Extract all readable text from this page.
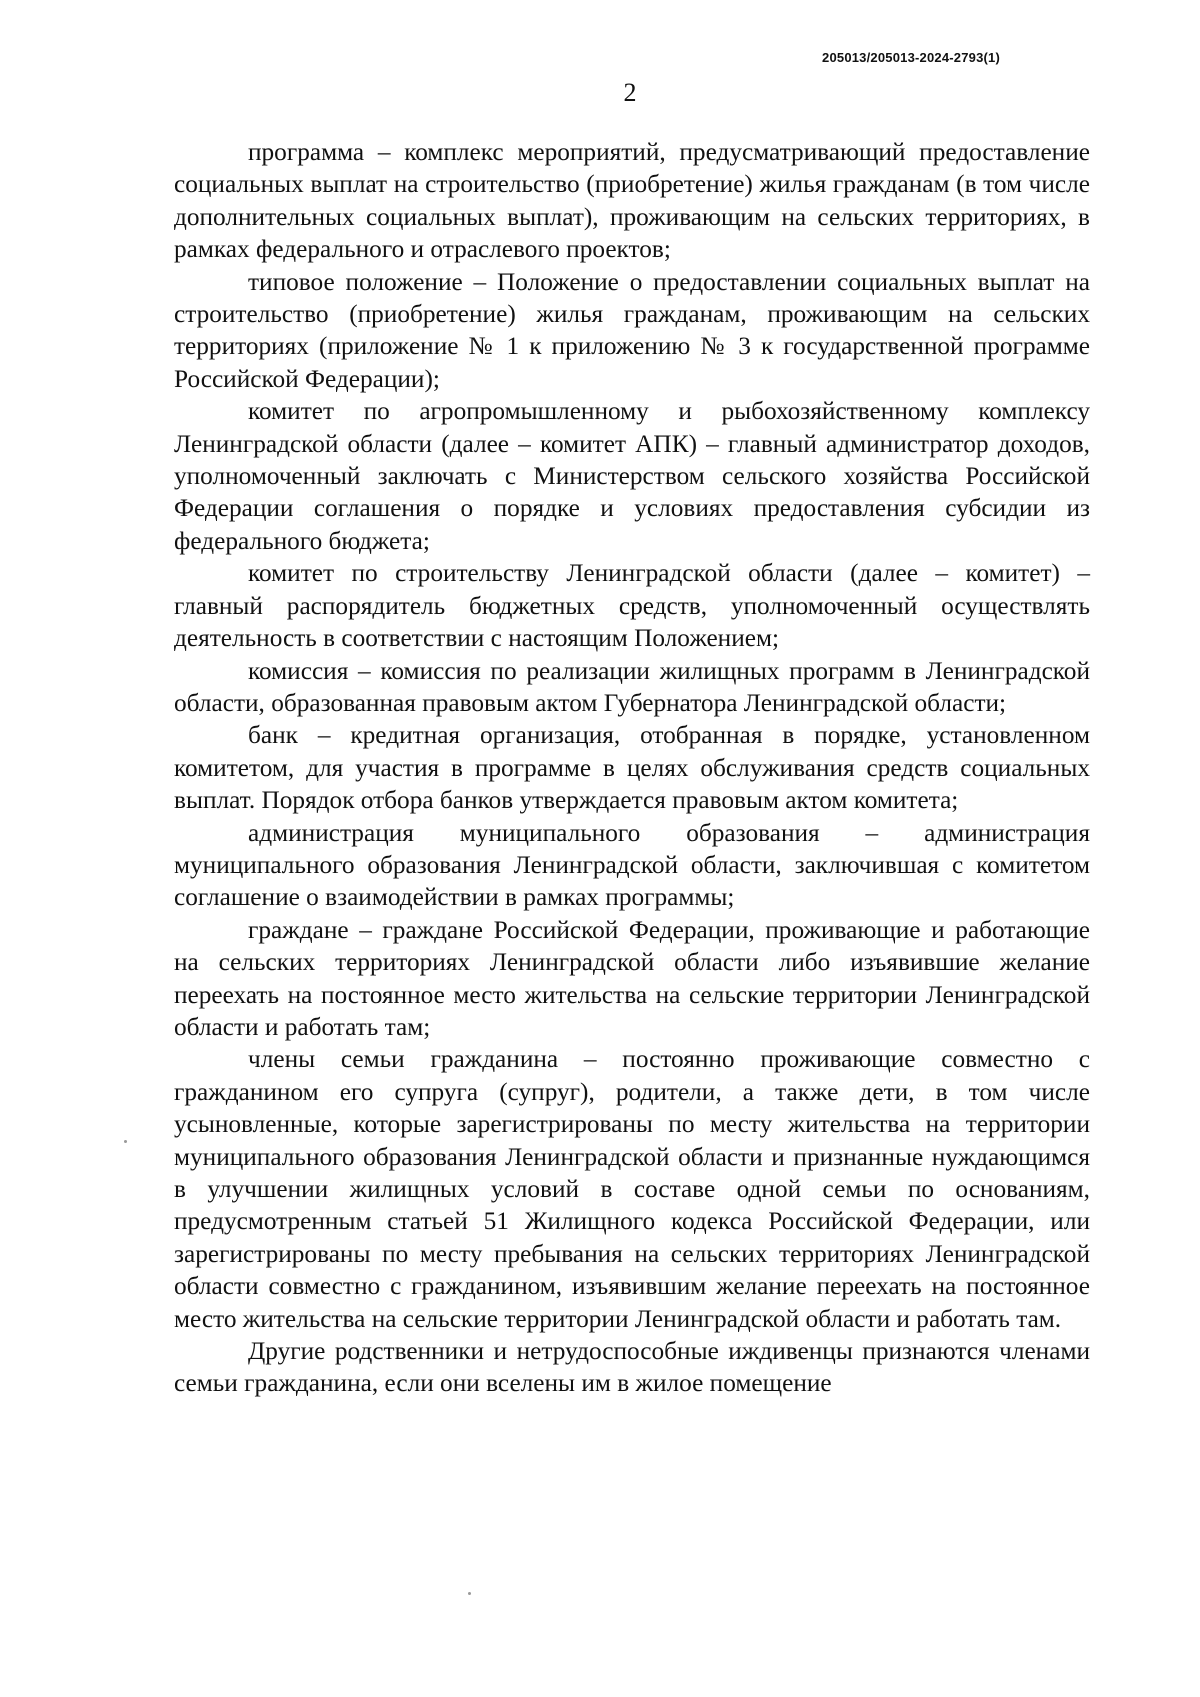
205013/205013-2024-2793(1)
2

программа – комплекс мероприятий, предусматривающий предоставление социальных выплат на строительство (приобретение) жилья гражданам (в том числе дополнительных социальных выплат), проживающим на сельских территориях, в рамках федерального и отраслевого проектов;

типовое положение – Положение о предоставлении социальных выплат на строительство (приобретение) жилья гражданам, проживающим на сельских территориях (приложение № 1 к приложению № 3 к государственной программе Российской Федерации);

комитет по агропромышленному и рыбохозяйственному комплексу Ленинградской области (далее – комитет АПК) – главный администратор доходов, уполномоченный заключать с Министерством сельского хозяйства Российской Федерации соглашения о порядке и условиях предоставления субсидии из федерального бюджета;

комитет по строительству Ленинградской области (далее – комитет) – главный распорядитель бюджетных средств, уполномоченный осуществлять деятельность в соответствии с настоящим Положением;

комиссия – комиссия по реализации жилищных программ в Ленинградской области, образованная правовым актом Губернатора Ленинградской области;

банк – кредитная организация, отобранная в порядке, установленном комитетом, для участия в программе в целях обслуживания средств социальных выплат. Порядок отбора банков утверждается правовым актом комитета;

администрация муниципального образования – администрация муниципального образования Ленинградской области, заключившая с комитетом соглашение о взаимодействии в рамках программы;

граждане – граждане Российской Федерации, проживающие и работающие на сельских территориях Ленинградской области либо изъявившие желание переехать на постоянное место жительства на сельские территории Ленинградской области и работать там;

члены семьи гражданина – постоянно проживающие совместно с гражданином его супруга (супруг), родители, а также дети, в том числе усыновленные, которые зарегистрированы по месту жительства на территории муниципального образования Ленинградской области и признанные нуждающимся в улучшении жилищных условий в составе одной семьи по основаниям, предусмотренным статьей 51 Жилищного кодекса Российской Федерации, или зарегистрированы по месту пребывания на сельских территориях Ленинградской области совместно с гражданином, изъявившим желание переехать на постоянное место жительства на сельские территории Ленинградской области и работать там.

Другие родственники и нетрудоспособные иждивенцы признаются членами семьи гражданина, если они вселены им в жилое помещение
